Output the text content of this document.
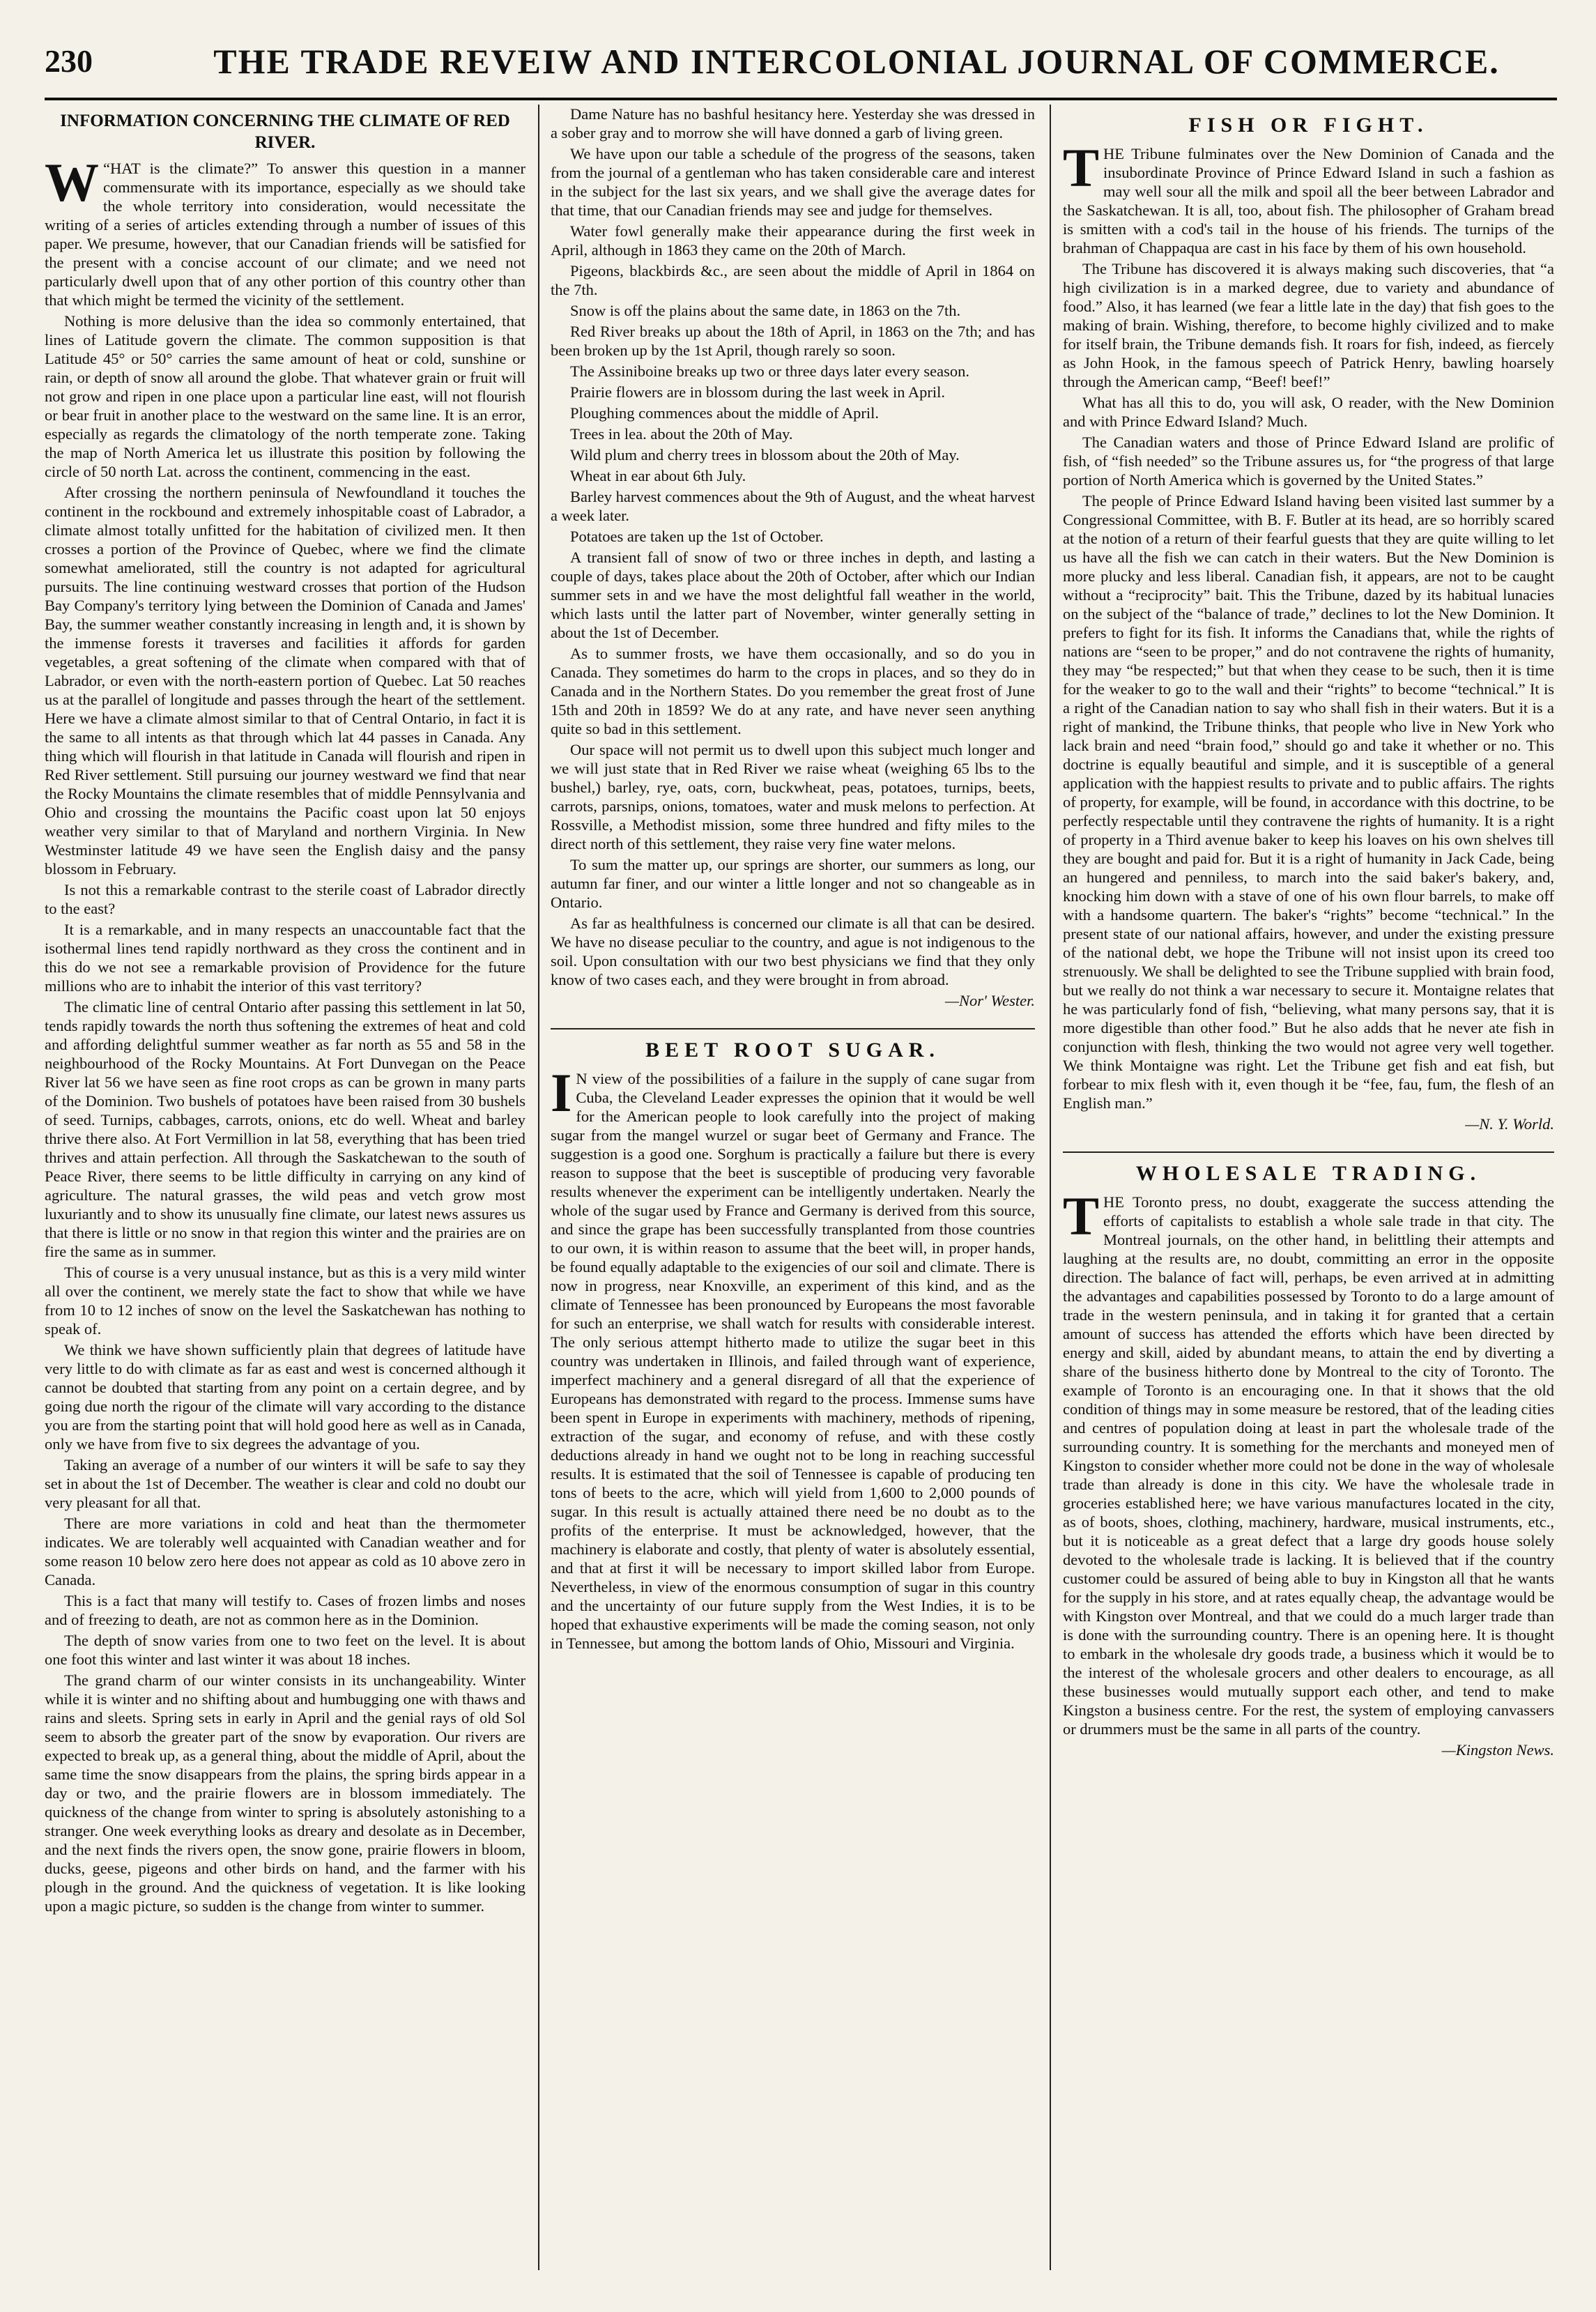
230	THE TRADE REVEIW AND INTERCOLONIAL JOURNAL OF COMMERCE.
INFORMATION CONCERNING THE CLIMATE OF RED RIVER.

W “HAT is the climate?” To answer this question in a manner commensurate with its importance, especially as we should take the whole territory into consideration, would necessitate the writing of a series of articles extending through a number of issues of this paper. We presume, however, that our Canadian friends will be satisfied for the present with a concise account of our climate; and we need not particularly dwell upon that of any other portion of this country other than that which might be termed the vicinity of the settlement.

Nothing is more delusive than the idea so commonly entertained, that lines of Latitude govern the climate. The common supposition is that Latitude 45° or 50° carries the same amount of heat or cold, sunshine or rain, or depth of snow all around the globe. That whatever grain or fruit will not grow and ripen in one place upon a particular line east, will not flourish or bear fruit in another place to the westward on the same line. It is an error, especially as regards the climatology of the north temperate zone. Taking the map of North America let us illustrate this position by following the circle of 50 north Lat. across the continent, commencing in the east.

After crossing the northern peninsula of Newfoundland it touches the continent in the rockbound and extremely inhospitable coast of Labrador, a climate almost totally unfitted for the habitation of civilized men. It then crosses a portion of the Province of Quebec, where we find the climate somewhat ameliorated, still the country is not adapted for agricultural pursuits. The line continuing westward crosses that portion of the Hudson Bay Company's territory lying between the Dominion of Canada and James' Bay, the summer weather constantly increasing in length and, it is shown by the immense forests it traverses and facilities it affords for garden vegetables, a great softening of the climate when compared with that of Labrador, or even with the north-eastern portion of Quebec. Lat 50 reaches us at the parallel of longitude and passes through the heart of the settlement. Here we have a climate almost similar to that of Central Ontario, in fact it is the same to all intents as that through which lat 44 passes in Canada. Any thing which will flourish in that latitude in Canada will flourish and ripen in Red River settlement. Still pursuing our journey westward we find that near the Rocky Mountains the climate resembles that of middle Pennsylvania and Ohio and crossing the mountains the Pacific coast upon lat 50 enjoys weather very similar to that of Maryland and northern Virginia. In New Westminster latitude 49 we have seen the English daisy and the pansy blossom in February.

Is not this a remarkable contrast to the sterile coast of Labrador directly to the east?

It is a remarkable, and in many respects an unaccountable fact that the isothermal lines tend rapidly northward as they cross the continent and in this do we not see a remarkable provision of Providence for the future millions who are to inhabit the interior of this vast territory?

The climatic line of central Ontario after passing this settlement in lat 50, tends rapidly towards the north thus softening the extremes of heat and cold and affording delightful summer weather as far north as 55 and 58 in the neighbourhood of the Rocky Mountains. At Fort Dunvegan on the Peace River lat 56 we have seen as fine root crops as can be grown in many parts of the Dominion. Two bushels of potatoes have been raised from 30 bushels of seed. Turnips, cabbages, carrots, onions, etc do well. Wheat and barley thrive there also. At Fort Vermillion in lat 58, everything that has been tried thrives and attain perfection. All through the Saskatchewan to the south of Peace River, there seems to be little difficulty in carrying on any kind of agriculture. The natural grasses, the wild peas and vetch grow most luxuriantly and to show its unusually fine climate, our latest news assures us that there is little or no snow in that region this winter and the prairies are on fire the same as in summer.

This of course is a very unusual instance, but as this is a very mild winter all over the continent, we merely state the fact to show that while we have from 10 to 12 inches of snow on the level the Saskatchewan has nothing to speak of.

We think we have shown sufficiently plain that degrees of latitude have very little to do with climate as far as east and west is concerned although it cannot be doubted that starting from any point on a certain degree, and by going due north the rigour of the climate will vary according to the distance you are from the starting point that will hold good here as well as in Canada, only we have from five to six degrees the advantage of you.

Taking an average of a number of our winters it will be safe to say they set in about the 1st of December. The weather is clear and cold no doubt our very pleasant for all that.

There are more variations in cold and heat than the thermometer indicates. We are tolerably well acquainted with Canadian weather and for some reason 10 below zero here does not appear as cold as 10 above zero in Canada.

This is a fact that many will testify to. Cases of frozen limbs and noses and of freezing to death, are not as common here as in the Dominion.

The depth of snow varies from one to two feet on the level. It is about one foot this winter and last winter it was about 18 inches.

The grand charm of our winter consists in its unchangeability. Winter while it is winter and no shifting about and humbugging one with thaws and rains and sleets. Spring sets in early in April and the genial rays of old Sol seem to absorb the greater part of the snow by evaporation. Our rivers are expected to break up, as a general thing, about the middle of April, about the same time the snow disappears from the plains, the spring birds appear in a day or two, and the prairie flowers are in blossom immediately. The quickness of the change from winter to spring is absolutely astonishing to a stranger. One week everything looks as dreary and desolate as in December, and the next finds the rivers open, the snow gone, prairie flowers in bloom, ducks, geese, pigeons and other birds on hand, and the farmer with his plough in the ground. And the quickness of vegetation. It is like looking upon a magic picture, so sudden is the change from winter to summer.

Dame Nature has no bashful hesitancy here. Yesterday she was dressed in a sober gray and to morrow she will have donned a garb of living green.

We have upon our table a schedule of the progress of the seasons, taken from the journal of a gentleman who has taken considerable care and interest in the subject for the last six years, and we shall give the average dates for that time, that our Canadian friends may see and judge for themselves.

Water fowl generally make their appearance during the first week in April, although in 1863 they came on the 20th of March.

Pigeons, blackbirds &c., are seen about the middle of April in 1864 on the 7th.

Snow is off the plains about the same date, in 1863 on the 7th.

Red River breaks up about the 18th of April, in 1863 on the 7th; and has been broken up by the 1st April, though rarely so soon.

The Assiniboine breaks up two or three days later every season.

Prairie flowers are in blossom during the last week in April.

Ploughing commences about the middle of April.

Trees in lea. about the 20th of May.

Wild plum and cherry trees in blossom about the 20th of May.

Wheat in ear about 6th July.

Barley harvest commences about the 9th of August, and the wheat harvest a week later.

Potatoes are taken up the 1st of October.

A transient fall of snow of two or three inches in depth, and lasting a couple of days, takes place about the 20th of October, after which our Indian summer sets in and we have the most delightful fall weather in the world, which lasts until the latter part of November, winter generally setting in about the 1st of December.

As to summer frosts, we have them occasionally, and so do you in Canada. They sometimes do harm to the crops in places, and so they do in Canada and in the Northern States. Do you remember the great frost of June 15th and 20th in 1859? We do at any rate, and have never seen anything quite so bad in this settlement.

Our space will not permit us to dwell upon this subject much longer and we will just state that in Red River we raise wheat (weighing 65 lbs to the bushel,) barley, rye, oats, corn, buckwheat, peas, potatoes, turnips, beets, carrots, parsnips, onions, tomatoes, water and musk melons to perfection. At Rossville, a Methodist mission, some three hundred and fifty miles to the direct north of this settlement, they raise very fine water melons.

To sum the matter up, our springs are shorter, our summers as long, our autumn far finer, and our winter a little longer and not so changeable as in Ontario.

As far as healthfulness is concerned our climate is all that can be desired. We have no disease peculiar to the country, and ague is not indigenous to the soil. Upon consultation with our two best physicians we find that they only know of two cases each, and they were brought in from abroad.

—Nor' Wester.
BEET ROOT SUGAR.

I N view of the possibilities of a failure in the supply of cane sugar from Cuba, the Cleveland Leader expresses the opinion that it would be well for the American people to look carefully into the project of making sugar from the mangel wurzel or sugar beet of Germany and France. The suggestion is a good one. Sorghum is practically a failure but there is every reason to suppose that the beet is susceptible of producing very favorable results whenever the experiment can be intelligently undertaken. Nearly the whole of the sugar used by France and Germany is derived from this source, and since the grape has been successfully transplanted from those countries to our own, it is within reason to assume that the beet will, in proper hands, be found equally adaptable to the exigencies of our soil and climate. There is now in progress, near Knoxville, an experiment of this kind, and as the climate of Tennessee has been pronounced by Europeans the most favorable for such an enterprise, we shall watch for results with considerable interest. The only serious attempt hitherto made to utilize the sugar beet in this country was undertaken in Illinois, and failed through want of experience, imperfect machinery and a general disregard of all that the experience of Europeans has demonstrated with regard to the process. Immense sums have been spent in Europe in experiments with machinery, methods of ripening, extraction of the sugar, and economy of refuse, and with these costly deductions already in hand we ought not to be long in reaching successful results. It is estimated that the soil of Tennessee is capable of producing ten tons of beets to the acre, which will yield from 1,600 to 2,000 pounds of sugar. In this result is actually attained there need be no doubt as to the profits of the enterprise. It must be acknowledged, however, that the machinery is elaborate and costly, that plenty of water is absolutely essential, and that at first it will be necessary to import skilled labor from Europe. Nevertheless, in view of the enormous consumption of sugar in this country and the uncertainty of our future supply from the West Indies, it is to be hoped that exhaustive experiments will be made the coming season, not only in Tennessee, but among the bottom lands of Ohio, Missouri and Virginia.

FISH OR FIGHT.

THE Tribune fulminates over the New Dominion of Canada and the insubordinate Province of Prince Edward Island in such a fashion as may well sour all the milk and spoil all the beer between Labrador and the Saskatchewan. It is all, too, about fish. The philosopher of Graham bread is smitten with a cod's tail in the house of his friends. The turnips of the brahman of Chappaqua are cast in his face by them of his own household.

The Tribune has discovered it is always making such discoveries, that “a high civilization is in a marked degree, due to variety and abundance of food.” Also, it has learned (we fear a little late in the day) that fish goes to the making of brain. Wishing, therefore, to become highly civilized and to make for itself brain, the Tribune demands fish. It roars for fish, indeed, as fiercely as John Hook, in the famous speech of Patrick Henry, bawling hoarsely through the American camp, “Beef! beef!”

What has all this to do, you will ask, O reader, with the New Dominion and with Prince Edward Island? Much.

The Canadian waters and those of Prince Edward Island are prolific of fish, of “fish needed” so the Tribune assures us, for “the progress of that large portion of North America which is governed by the United States.”

The people of Prince Edward Island having been visited last summer by a Congressional Committee, with B. F. Butler at its head, are so horribly scared at the notion of a return of their fearful guests that they are quite willing to let us have all the fish we can catch in their waters. But the New Dominion is more plucky and less liberal. Canadian fish, it appears, are not to be caught without a “reciprocity” bait. This the Tribune, dazed by its habitual lunacies on the subject of the “balance of trade,” declines to lot the New Dominion. It prefers to fight for its fish. It informs the Canadians that, while the rights of nations are “seen to be proper,” and do not contravene the rights of humanity, they may “be respected;” but that when they cease to be such, then it is time for the weaker to go to the wall and their “rights” to become “technical.” It is a right of the Canadian nation to say who shall fish in their waters. But it is a right of mankind, the Tribune thinks, that people who live in New York who lack brain and need “brain food,” should go and take it whether or no. This doctrine is equally beautiful and simple, and it is susceptible of a general application with the happiest results to private and to public affairs. The rights of property, for example, will be found, in accordance with this doctrine, to be perfectly respectable until they contravene the rights of humanity. It is a right of property in a Third avenue baker to keep his loaves on his own shelves till they are bought and paid for. But it is a right of humanity in Jack Cade, being an hungered and penniless, to march into the said baker's bakery, and, knocking him down with a stave of one of his own flour barrels, to make off with a handsome quartern. The baker's “rights” become “technical.” In the present state of our national affairs, however, and under the existing pressure of the national debt, we hope the Tribune will not insist upon its creed too strenuously. We shall be delighted to see the Tribune supplied with brain food, but we really do not think a war necessary to secure it. Montaigne relates that he was particularly fond of fish, “believing, what many persons say, that it is more digestible than other food.” But he also adds that he never ate fish in conjunction with flesh, thinking the two would not agree very well together. We think Montaigne was right. Let the Tribune get fish and eat fish, but forbear to mix flesh with it, even though it be “fee, fau, fum, the flesh of an English man.”

—N. Y. World.
WHOLESALE TRADING.

THE Toronto press, no doubt, exaggerate the success attending the efforts of capitalists to establish a whole sale trade in that city. The Montreal journals, on the other hand, in belittling their attempts and laughing at the results are, no doubt, committing an error in the opposite direction. The balance of fact will, perhaps, be even arrived at in admitting the advantages and capabilities possessed by Toronto to do a large amount of trade in the western peninsula, and in taking it for granted that a certain amount of success has attended the efforts which have been directed by energy and skill, aided by abundant means, to attain the end by diverting a share of the business hitherto done by Montreal to the city of Toronto. The example of Toronto is an encouraging one. In that it shows that the old condition of things may in some measure be restored, that of the leading cities and centres of population doing at least in part the wholesale trade of the surrounding country. It is something for the merchants and moneyed men of Kingston to consider whether more could not be done in the way of wholesale trade than already is done in this city. We have the wholesale trade in groceries established here; we have various manufactures located in the city, as of boots, shoes, clothing, machinery, hardware, musical instruments, etc., but it is noticeable as a great defect that a large dry goods house solely devoted to the wholesale trade is lacking. It is believed that if the country customer could be assured of being able to buy in Kingston all that he wants for the supply in his store, and at rates equally cheap, the advantage would be with Kingston over Montreal, and that we could do a much larger trade than is done with the surrounding country. There is an opening here. It is thought to embark in the wholesale dry goods trade, a business which it would be to the interest of the wholesale grocers and other dealers to encourage, as all these businesses would mutually support each other, and tend to make Kingston a business centre. For the rest, the system of employing canvassers or drummers must be the same in all parts of the country.

—Kingston News.
